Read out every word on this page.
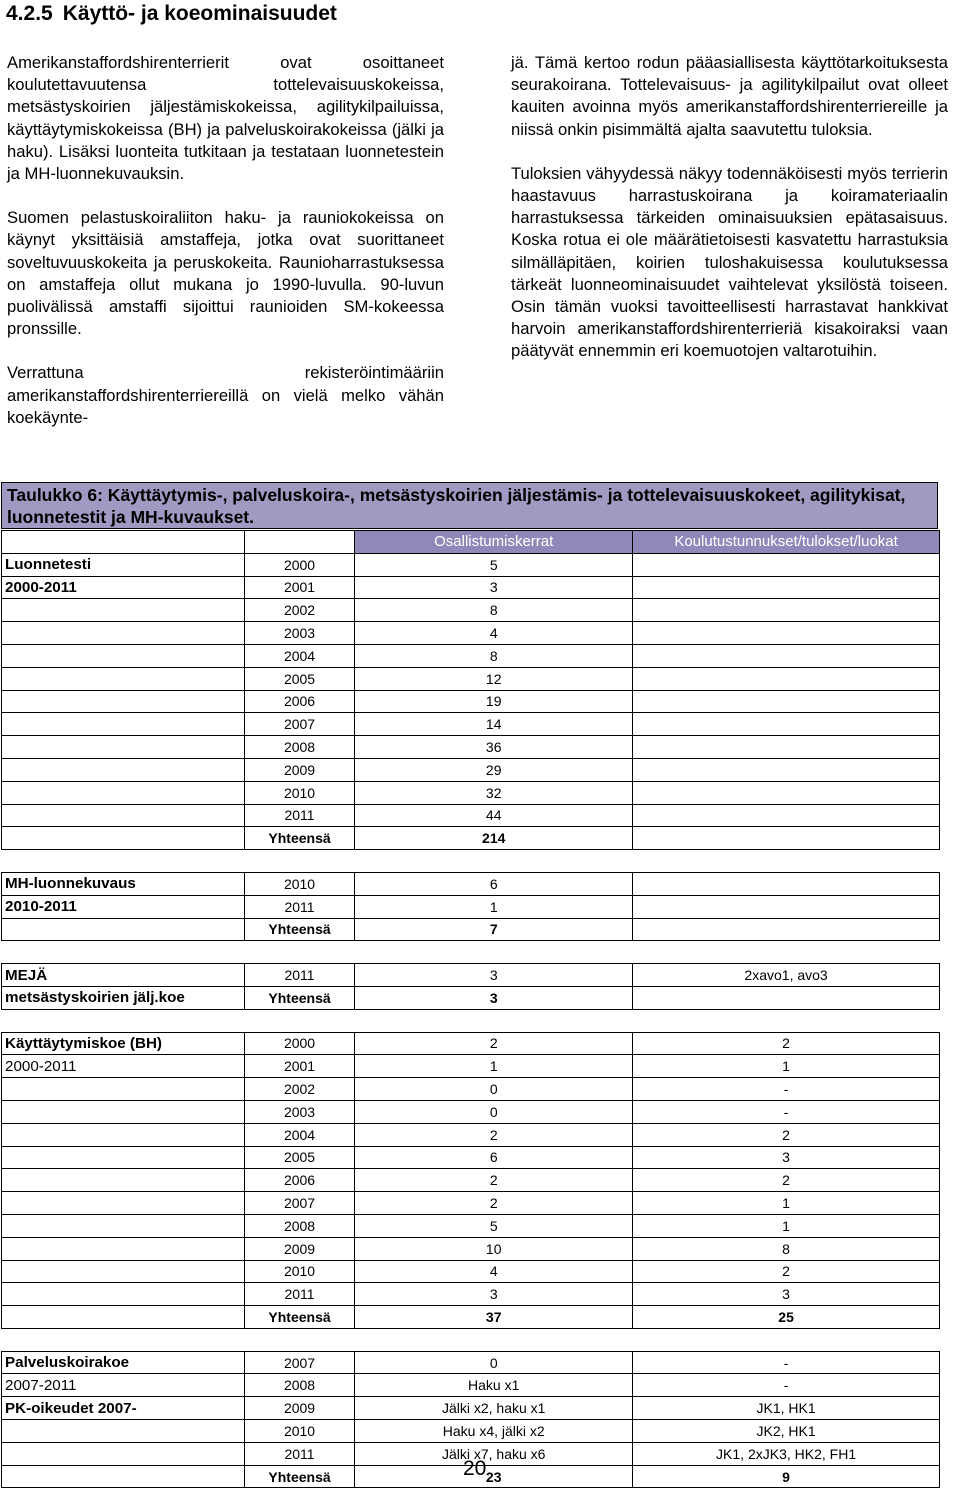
4.2.5 Käyttö- ja koeominaisuudet

Amerikanstaffordshirenterrierit ovat osoittaneet koulutettavuutensa tottelevaisuuskokeissa, metsästyskoirien jäljestämiskokeissa, agilitykilpailuissa, käyttäytymiskokeissa (BH) ja palveluskoirakokeissa (jälki ja haku). Lisäksi luonteita tutkitaan ja testataan luonnetestein ja MH-luonnekuvauksin.

Suomen pelastuskoiraliiton haku- ja rauniokokeissa on käynyt yksittäisiä amstaffeja, jotka ovat suorittaneet soveltuvuuskokeita ja peruskokeita. Raunioharrastuksessa on amstaffeja ollut mukana jo 1990-luvulla. 90-luvun puolivälissä amstaffi sijoittui raunioiden SM-kokeessa pronssille.

Verrattuna rekisteröintimääriin amerikanstaffordshirenterriereillä on vielä melko vähän koekäynte-

jä. Tämä kertoo rodun pääasiallisesta käyttötarkoituksesta seurakoirana. Tottelevaisuus- ja agilitykilpailut ovat olleet kauiten avoinna myös amerikanstaffordshirenterriereille ja niissä onkin pisimmältä ajalta saavutettu tuloksia.

Tuloksien vähyydessä näkyy todennäköisesti myös terrierin haastavuus harrastuskoirana ja koiramateriaalin harrastuksessa tärkeiden ominaisuuksien epätasaisuus. Koska rotua ei ole määrätietoisesti kasvatettu harrastuksia silmälläpitäen, koirien tuloshakuisessa koulutuksessa tärkeät luonneominaisuudet vaihtelevat yksilöstä toiseen. Osin tämän vuoksi tavoitteellisesti harrastavat hankkivat harvoin amerikanstaffordshirenterrieriä kisakoiraksi vaan päätyvät ennemmin eri koemuotojen valtarotuihin.

Taulukko 6: Käyttäytymis-, palveluskoira-, metsästyskoirien jäljestämis- ja tottelevaisuuskokeet, agilitykisat, luonnetestit ja MH-kuvaukset.
		Osallistumiskerrat	Koulutustunnukset/tulokset/luokat
Luonnetesti	2000	5	
2000-2011	2001	3	
	2002	8	
	2003	4	
	2004	8	
	2005	12	
	2006	19	
	2007	14	
	2008	36	
	2009	29	
	2010	32	
	2011	44	
	Yhteensä	214	

MH-luonnekuvaus	2010	6	
2010-2011	2011	1	
	Yhteensä	7	

MEJÄ	2011	3	2xavo1, avo3
metsästyskoirien jälj.koe	Yhteensä	3	

Käyttäytymiskoe (BH)	2000	2	2
2000-2011	2001	1	1
	2002	0	-
	2003	0	-
	2004	2	2
	2005	6	3
	2006	2	2
	2007	2	1
	2008	5	1
	2009	10	8
	2010	4	2
	2011	3	3
	Yhteensä	37	25

Palveluskoirakoe	2007	0	-
2007-2011	2008	Haku x1	-
PK-oikeudet 2007-	2009	Jälki x2, haku x1	JK1, HK1
	2010	Haku x4, jälki x2	JK2, HK1
	2011	Jälki x7, haku x6	JK1, 2xJK3, HK2, FH1
	Yhteensä	23	9
20
